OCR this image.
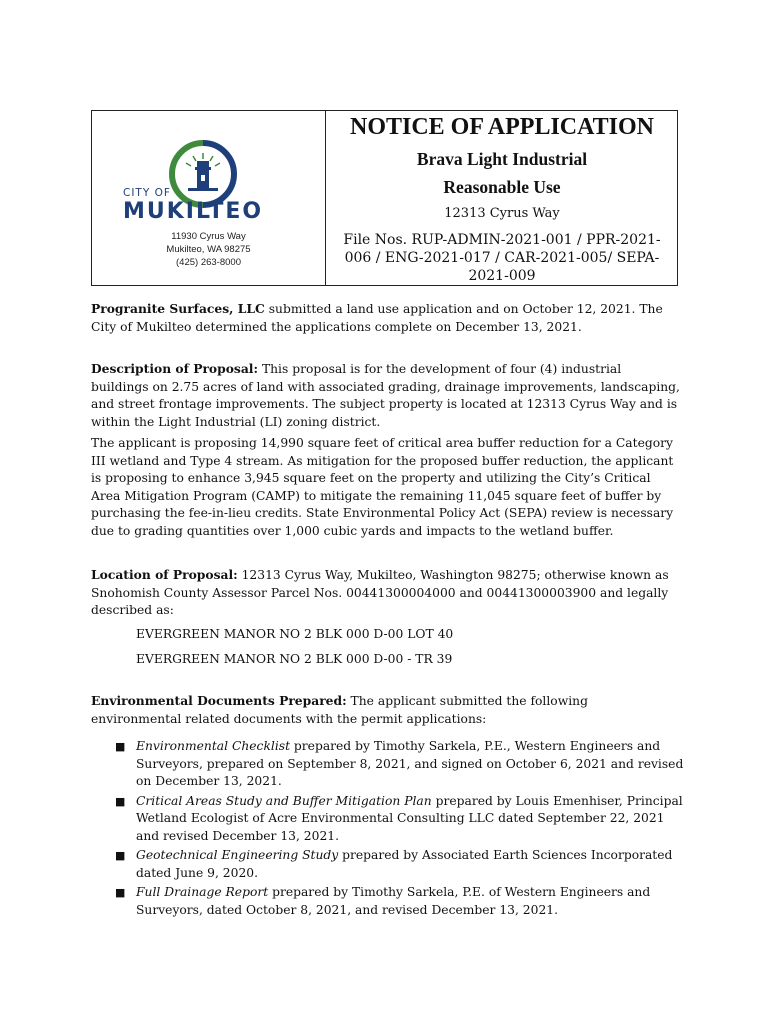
CITY OF
MUKILTEO
11930 Cyrus Way
Mukilteo, WA 98275
(425) 263-8000
NOTICE OF APPLICATION
Brava Light Industrial
Reasonable Use
12313 Cyrus Way
File Nos. RUP-ADMIN-2021-001 / PPR-2021-006 / ENG-2021-017 / CAR-2021-005/ SEPA-2021-009
Progranite Surfaces, LLC submitted a land use application and on October 12, 2021. The City of Mukilteo determined the applications complete on December 13, 2021.
Description of Proposal: This proposal is for the development of four (4) industrial buildings on 2.75 acres of land with associated grading, drainage improvements, landscaping, and street frontage improvements. The subject property is located at 12313 Cyrus Way and is within the Light Industrial (LI) zoning district.
The applicant is proposing 14,990 square feet of critical area buffer reduction for a Category III wetland and Type 4 stream. As mitigation for the proposed buffer reduction, the applicant is proposing to enhance 3,945 square feet on the property and utilizing the City’s Critical Area Mitigation Program (CAMP) to mitigate the remaining 11,045 square feet of buffer by purchasing the fee-in-lieu credits. State Environmental Policy Act (SEPA) review is necessary due to grading quantities over 1,000 cubic yards and impacts to the wetland buffer.
Location of Proposal: 12313 Cyrus Way, Mukilteo, Washington 98275; otherwise known as Snohomish County Assessor Parcel Nos. 00441300004000 and 00441300003900 and legally described as:
EVERGREEN MANOR NO 2 BLK 000 D-00 LOT 40
EVERGREEN MANOR NO 2 BLK 000 D-00 - TR 39
Environmental Documents Prepared: The applicant submitted the following environmental related documents with the permit applications:
■ Environmental Checklist prepared by Timothy Sarkela, P.E., Western Engineers and Surveyors, prepared on September 8, 2021, and signed on October 6, 2021 and revised on December 13, 2021.
■ Critical Areas Study and Buffer Mitigation Plan prepared by Louis Emenhiser, Principal Wetland Ecologist of Acre Environmental Consulting LLC dated September 22, 2021 and revised December 13, 2021.
■ Geotechnical Engineering Study prepared by Associated Earth Sciences Incorporated dated June 9, 2020.
■ Full Drainage Report prepared by Timothy Sarkela, P.E. of Western Engineers and Surveyors, dated October 8, 2021, and revised December 13, 2021.
